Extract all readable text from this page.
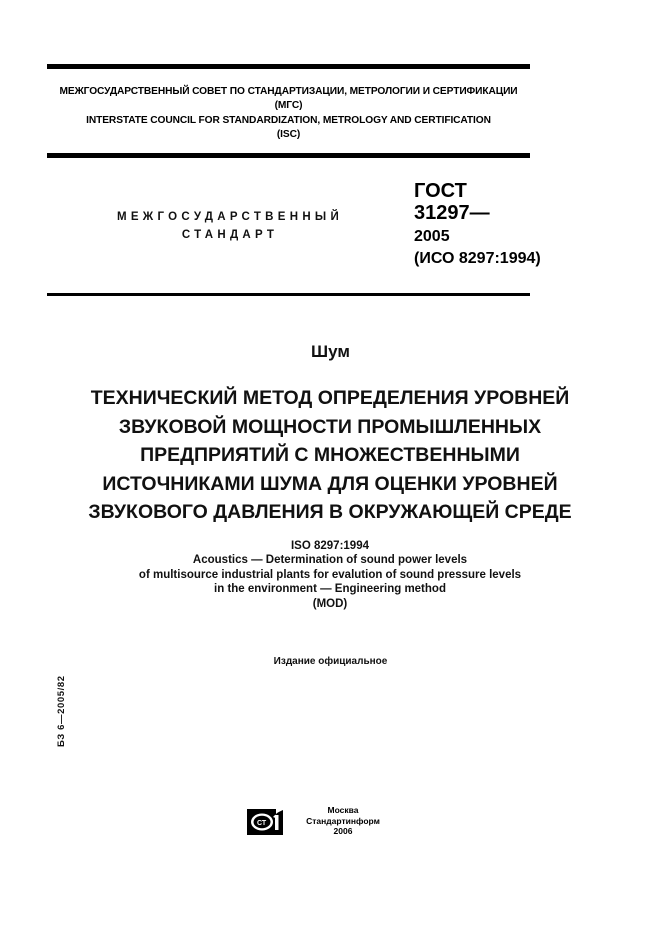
МЕЖГОСУДАРСТВЕННЫЙ СОВЕТ ПО СТАНДАРТИЗАЦИИ, МЕТРОЛОГИИ И СЕРТИФИКАЦИИ
(МГС)
INTERSTATE COUNCIL FOR STANDARDIZATION, METROLOGY AND CERTIFICATION
(ISC)
МЕЖГОСУДАРСТВЕННЫЙ
СТАНДАРТ
ГОСТ
31297—
2005
(ИСО 8297:1994)
Шум
ТЕХНИЧЕСКИЙ МЕТОД ОПРЕДЕЛЕНИЯ УРОВНЕЙ
ЗВУКОВОЙ МОЩНОСТИ ПРОМЫШЛЕННЫХ
ПРЕДПРИЯТИЙ С МНОЖЕСТВЕННЫМИ
ИСТОЧНИКАМИ ШУМА ДЛЯ ОЦЕНКИ УРОВНЕЙ
ЗВУКОВОГО ДАВЛЕНИЯ В ОКРУЖАЮЩЕЙ СРЕДЕ
ISO 8297:1994
Acoustics — Determination of sound power levels
of multisource industrial plants for evalution of sound pressure levels
in the environment — Engineering method
(MOD)
Издание официальное
БЗ 6—2005/82
СТ
Москва
Стандартинформ
2006
